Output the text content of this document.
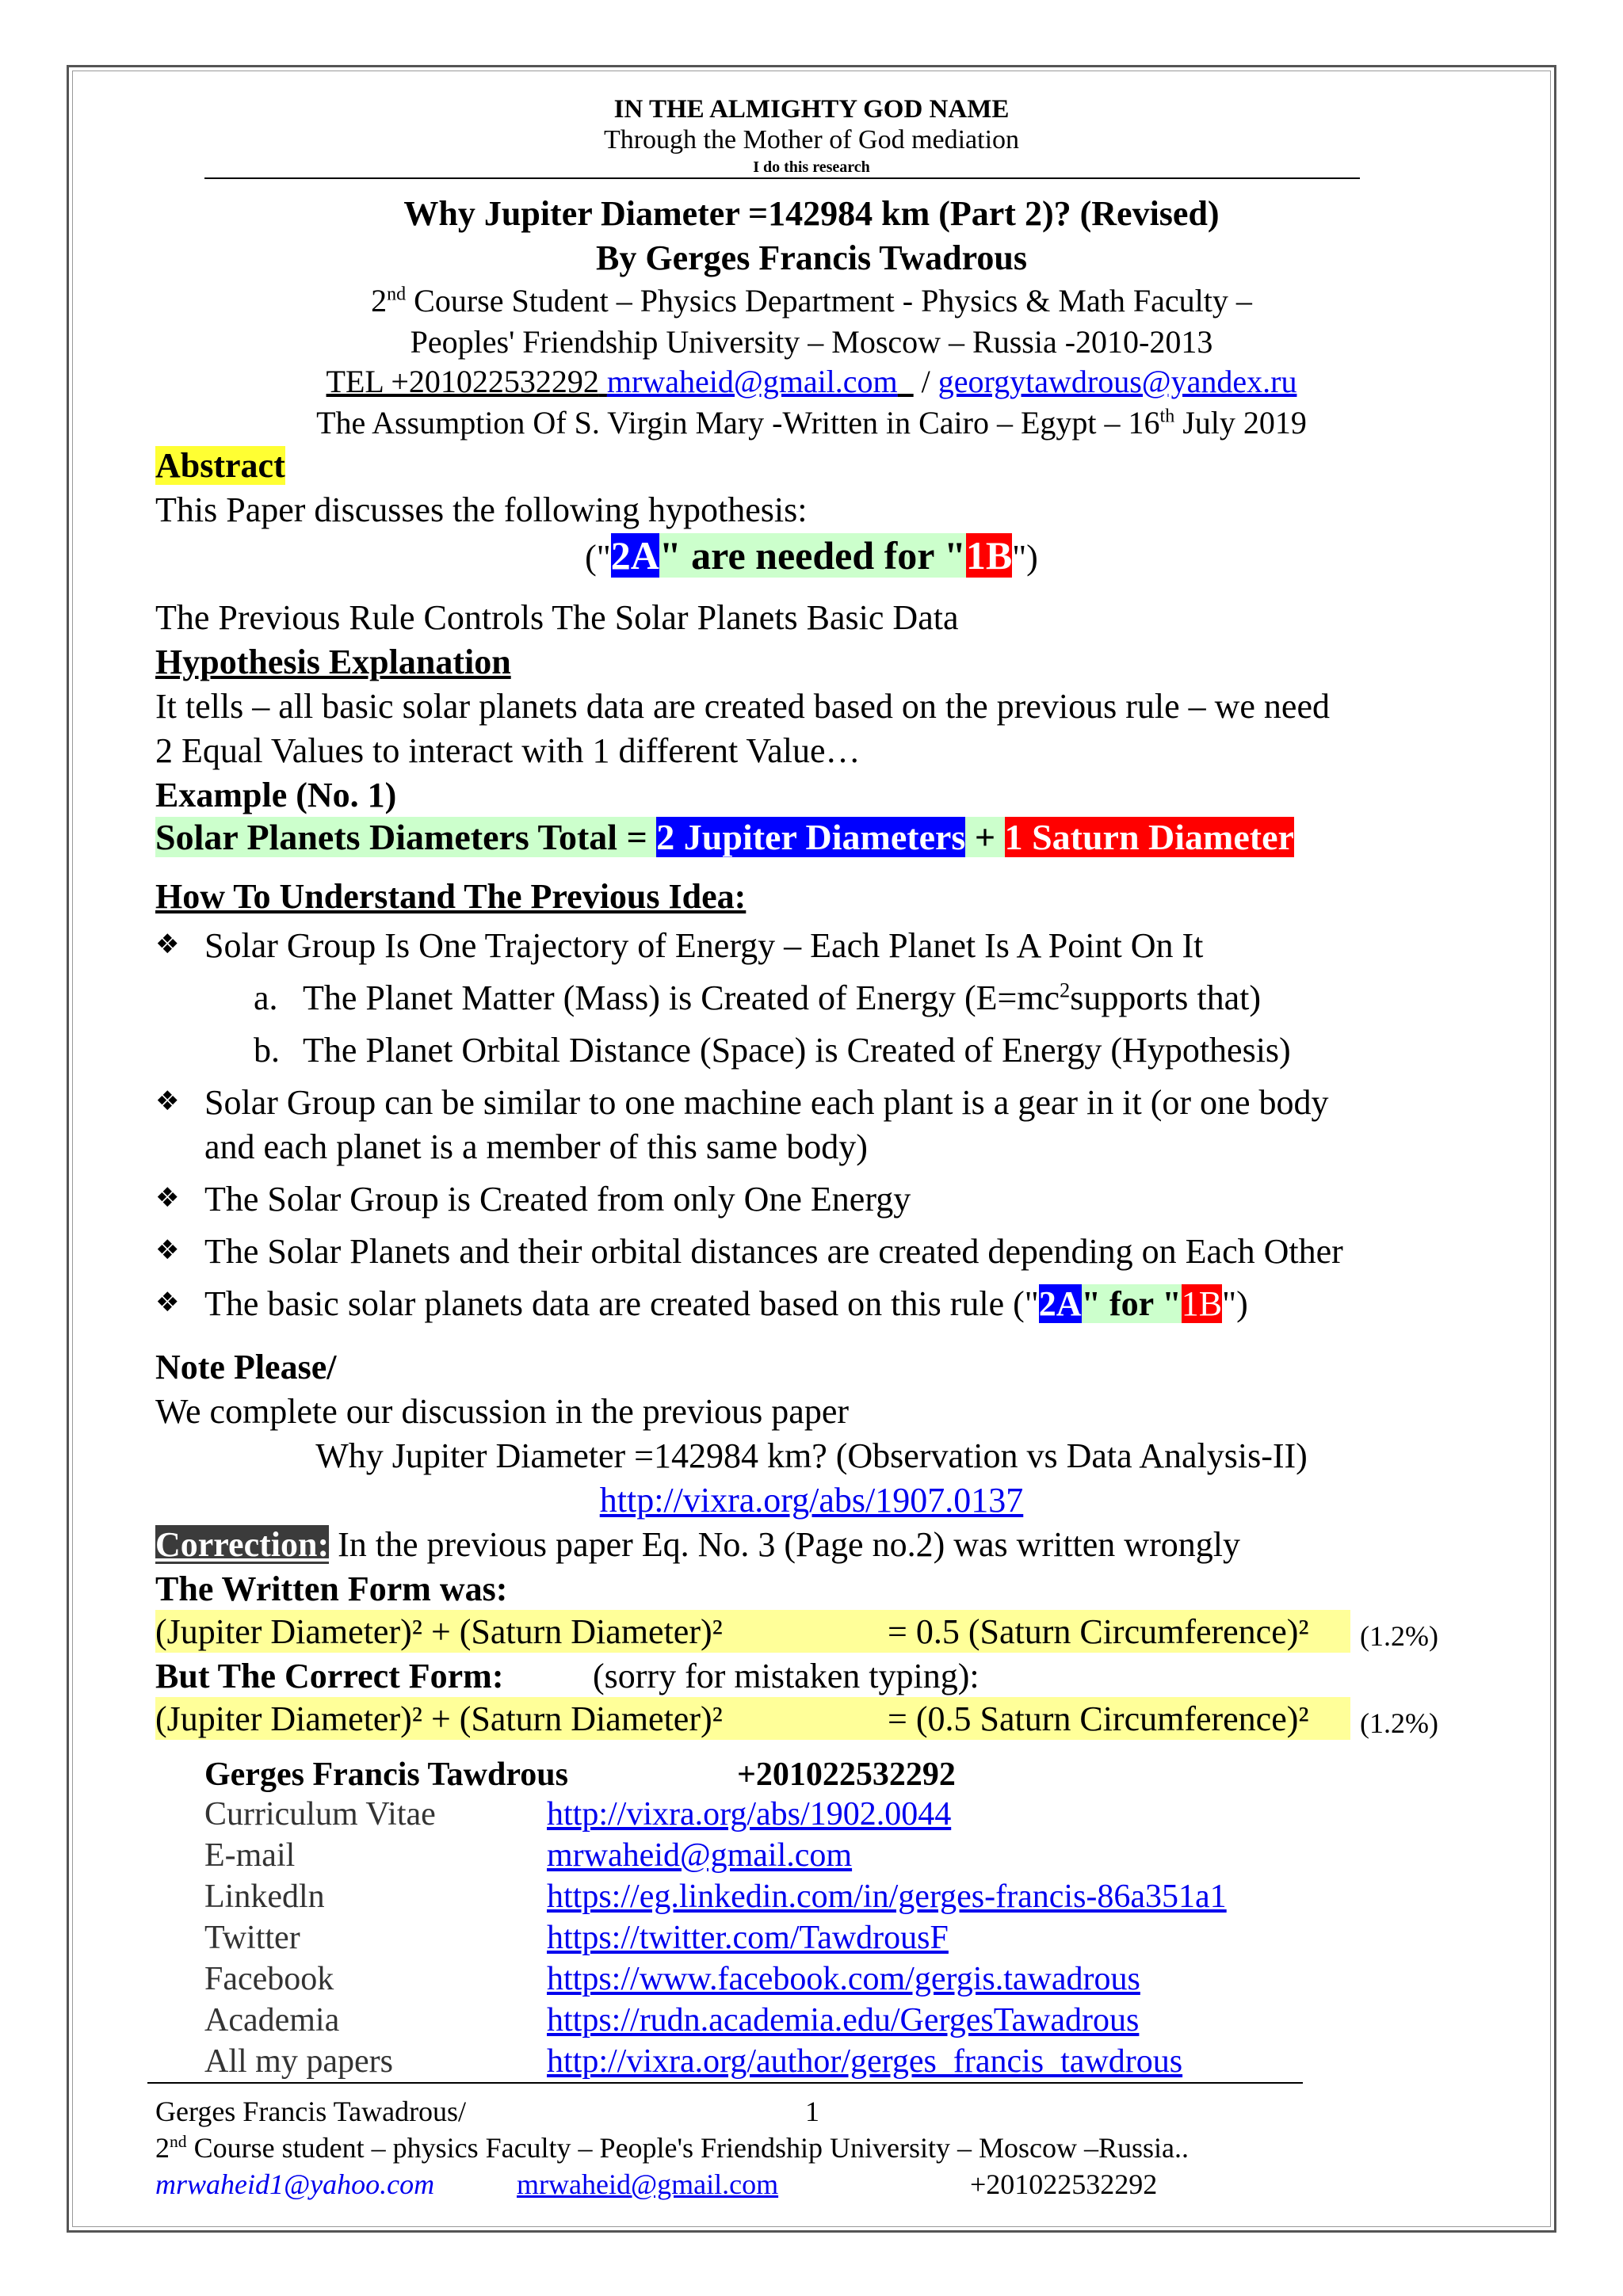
IN THE ALMIGHTY GOD NAME
Through the Mother of God mediation
I do this research
Why Jupiter Diameter =142984 km (Part 2)? (Revised)
By Gerges Francis Twadrous
2nd Course Student – Physics Department - Physics & Math Faculty –
Peoples' Friendship University – Moscow – Russia -2010-2013
TEL +201022532292 mrwaheid@gmail.com / georgytawdrous@yandex.ru
The Assumption Of S. Virgin Mary -Written in Cairo – Egypt – 16th July 2019
Abstract
This Paper discusses the following hypothesis:
("2A" are needed for "1B")
The Previous Rule Controls The Solar Planets Basic Data
Hypothesis Explanation
It tells – all basic solar planets data are created based on the previous rule – we need
2 Equal Values to interact with 1 different Value…
Example (No. 1)
Solar Planets Diameters Total = 2 Jupiter Diameters + 1 Saturn Diameter
How To Understand The Previous Idea:
❖ Solar Group Is One Trajectory of Energy – Each Planet Is A Point On It
a. The Planet Matter (Mass) is Created of Energy ($E=mc^2supports$ that)
b. The Planet Orbital Distance (Space) is Created of Energy (Hypothesis)
❖ Solar Group can be similar to one machine each plant is a gear in it (or one body
and each planet is a member of this same body)
❖ The Solar Group is Created from only One Energy
❖ The Solar Planets and their orbital distances are created depending on Each Other
❖ The basic solar planets data are created based on this rule ("2A" for "1B")
Note Please/
We complete our discussion in the previous paper
Why Jupiter Diameter =142984 km? (Observation vs Data Analysis-II)
http://vixra.org/abs/1907.0137
Correction: In the previous paper Eq. No. 3 (Page no.2) was written wrongly
The Written Form was:
(Jupiter Diameter)² + (Saturn Diameter)²	= 0.5 (Saturn Circumference)² (1.2%)
But The Correct Form:	(sorry for mistaken typing):
(Jupiter Diameter)² + (Saturn Diameter)²	= (0.5 Saturn Circumference)² (1.2%)
Gerges Francis Tawdrous	+201022532292
Curriculum Vitae	http://vixra.org/abs/1902.0044
E-mail	mrwaheid@gmail.com
Linkedln	https://eg.linkedin.com/in/gerges-francis-86a351a1
Twitter	https://twitter.com/TawdrousF
Facebook	https://www.facebook.com/gergis.tawadrous
Academia	https://rudn.academia.edu/GergesTawadrous
All my papers	http://vixra.org/author/gerges_francis_tawdrous
Gerges Francis Tawadrous/	1
2nd Course student – physics Faculty – People's Friendship University – Moscow –Russia..
mrwaheid1@yahoo.com	mrwaheid@gmail.com	+201022532292
